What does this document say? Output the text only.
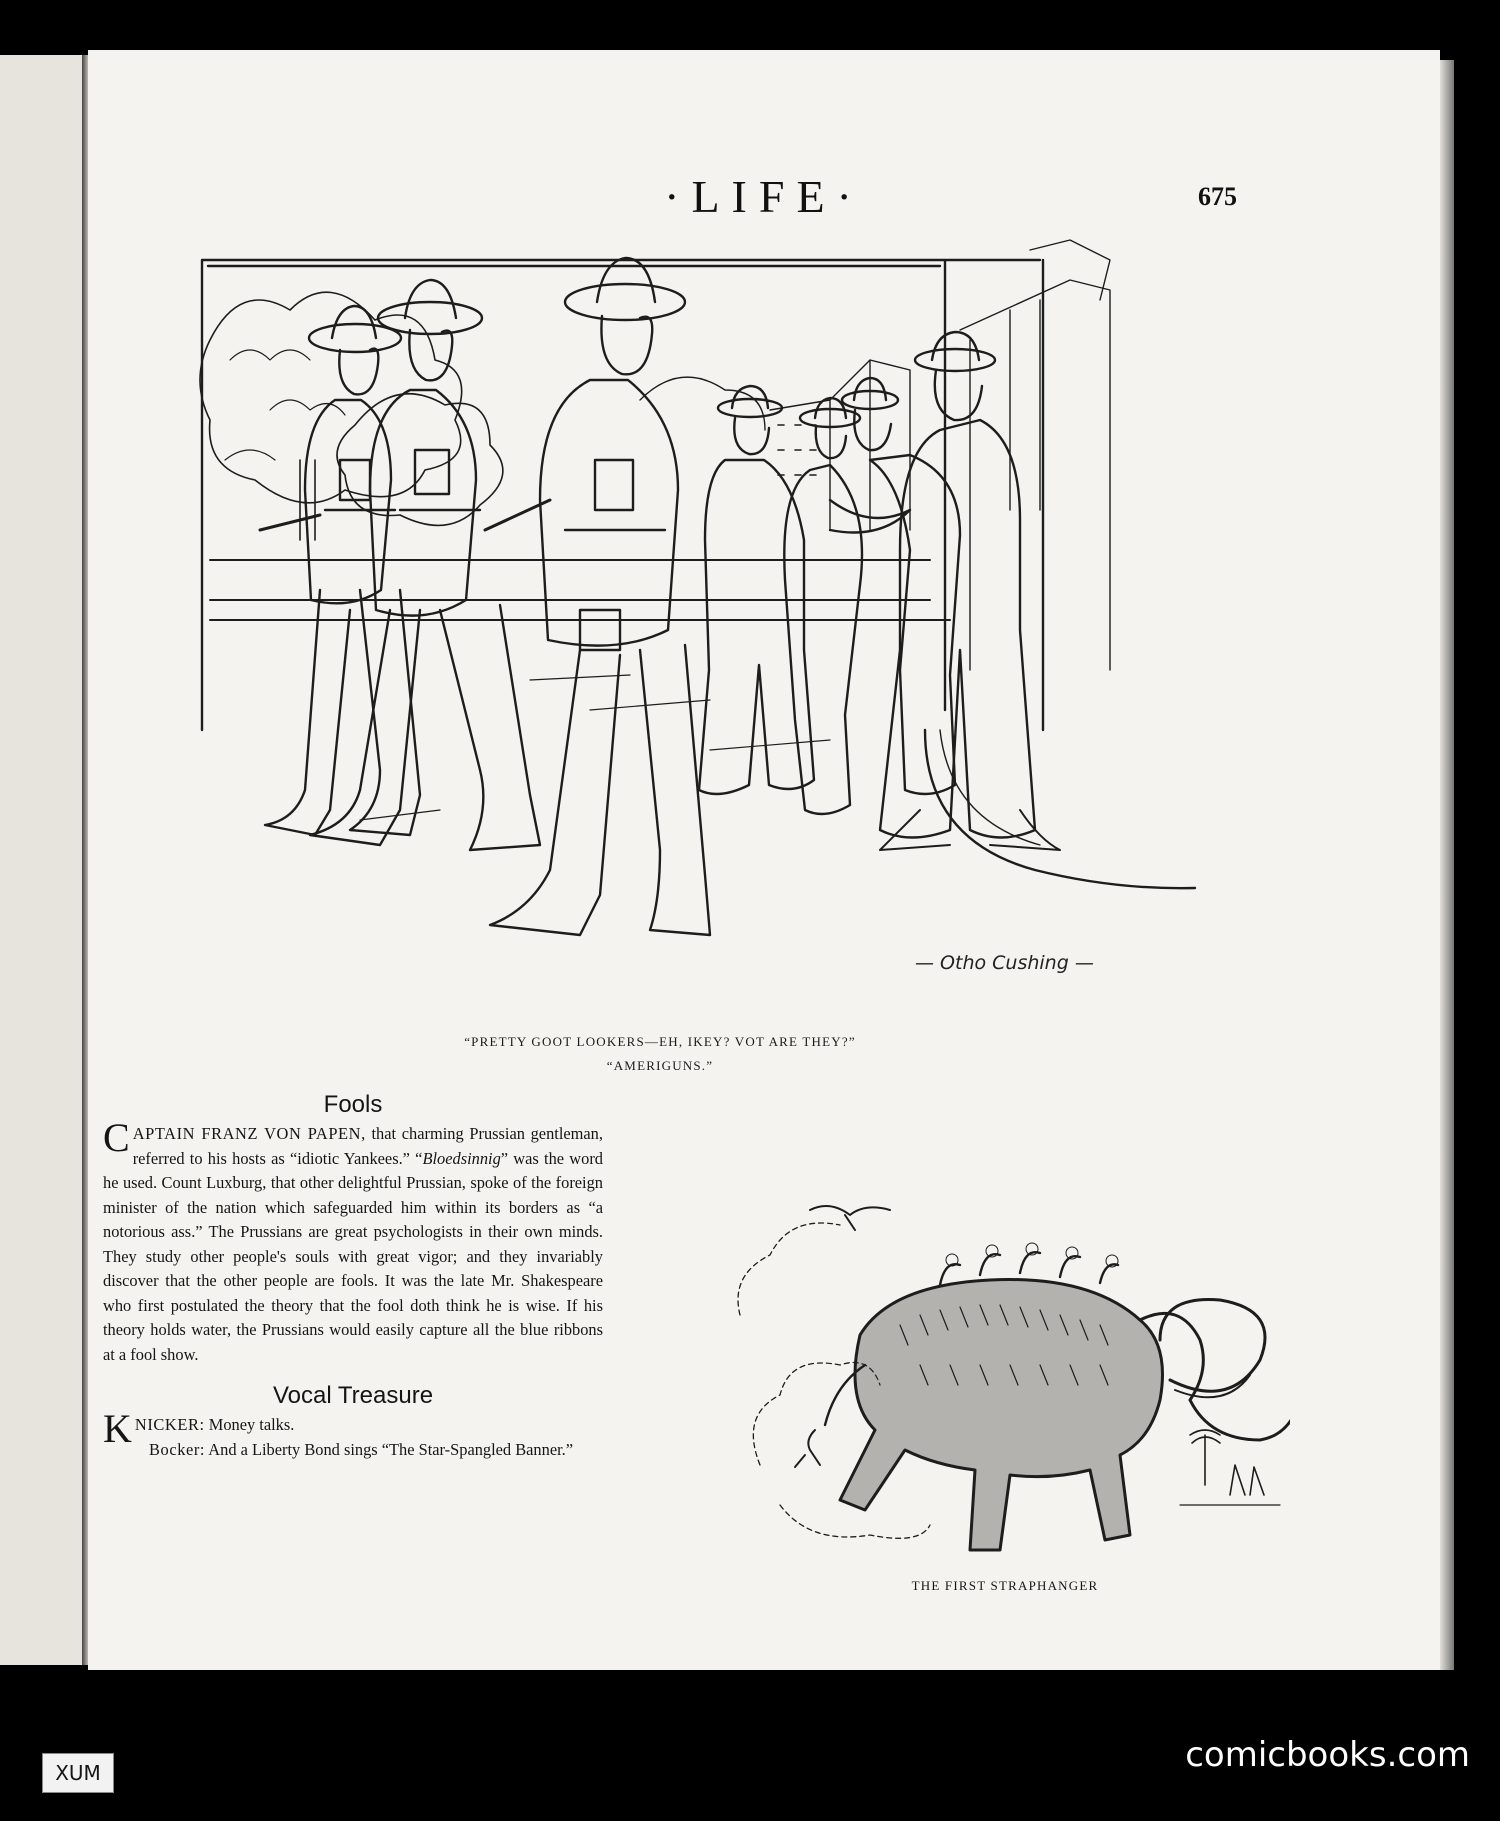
·LIFE·	675
— Otho Cushing —
“PRETTY GOOT LOOKERS—EH, IKEY? VOT ARE THEY?”
“AMERIGUNS.”
Fools

CAPTAIN FRANZ VON PAPEN, that charming Prussian gentleman, referred to his hosts as “idiotic Yankees.” “Bloedsinnig” was the word he used. Count Luxburg, that other delightful Prussian, spoke of the foreign minister of the nation which safeguarded him within its borders as “a notorious ass.” The Prussians are great psychologists in their own minds. They study other people's souls with great vigor; and they invariably discover that the other people are fools. It was the late Mr. Shakespeare who first postulated the theory that the fool doth think he is wise. If his theory holds water, the Prussians would easily capture all the blue ribbons at a fool show.

Vocal Treasure

KNICKER: Money talks.

Bocker: And a Liberty Bond sings “The Star-Spangled Banner.”

THE FIRST STRAPHANGER
XUM	comicbooks.com
